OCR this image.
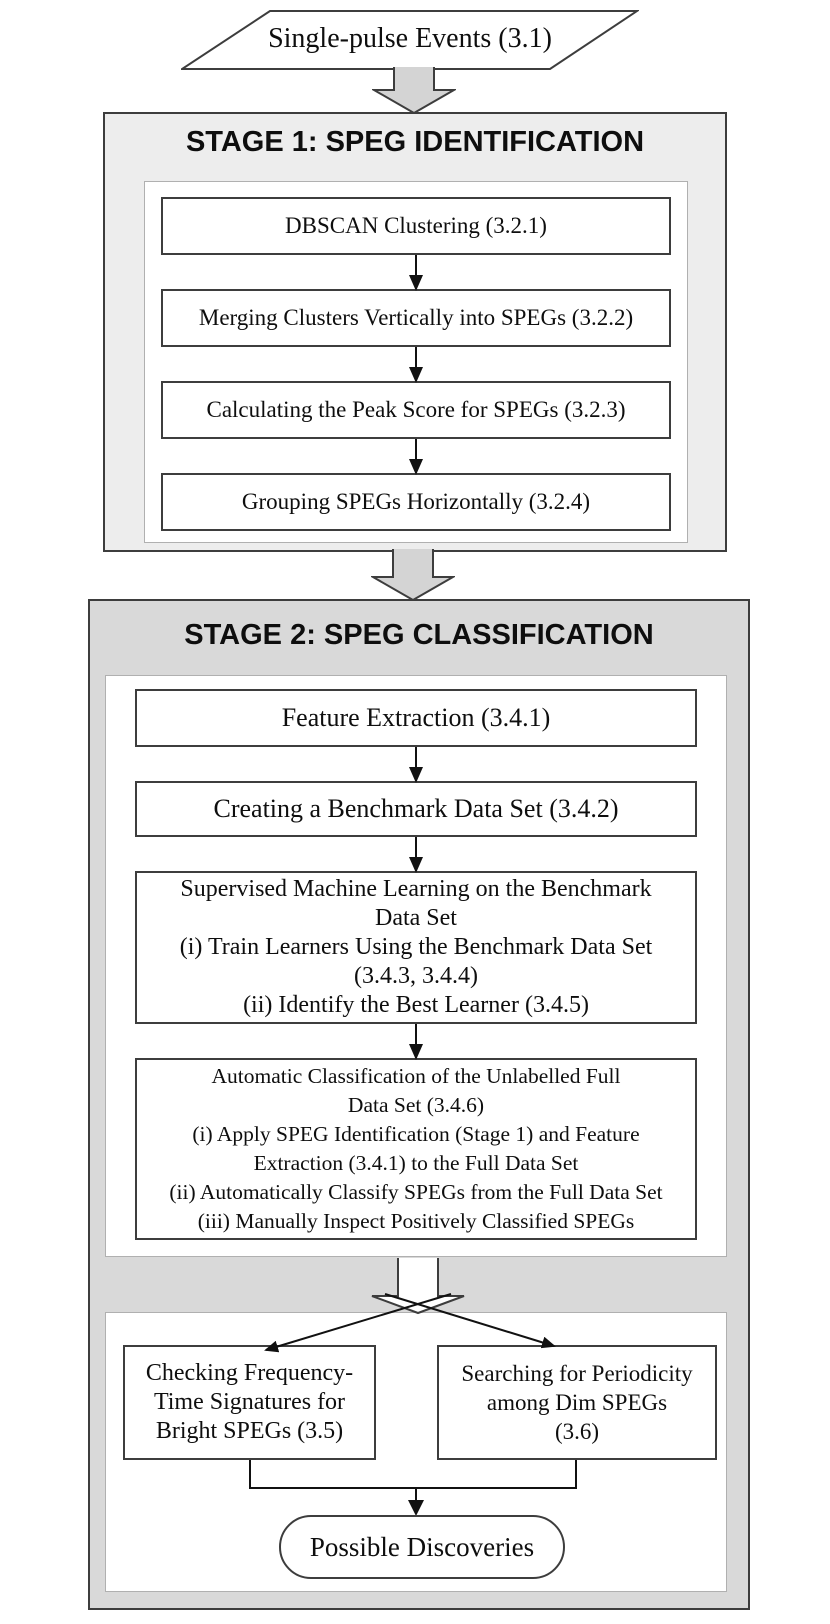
Single-pulse Events (3.1)
STAGE 1: SPEG IDENTIFICATION
DBSCAN Clustering (3.2.1)
Merging Clusters Vertically into SPEGs (3.2.2)
Calculating the Peak Score for SPEGs (3.2.3)
Grouping SPEGs Horizontally (3.2.4)
STAGE 2: SPEG CLASSIFICATION
Feature Extraction (3.4.1)
Creating a Benchmark Data Set (3.4.2)
Supervised Machine Learning on the Benchmark
Data Set
(i) Train Learners Using the Benchmark Data Set
(3.4.3, 3.4.4)
(ii) Identify the Best Learner (3.4.5)
Automatic Classification of the Unlabelled Full
Data Set (3.4.6)
(i) Apply SPEG Identification (Stage 1) and Feature
Extraction (3.4.1) to the Full Data Set
(ii) Automatically Classify SPEGs from the Full Data Set
(iii) Manually Inspect Positively Classified SPEGs
Checking Frequency-
Time Signatures for
Bright SPEGs (3.5)
Searching for Periodicity
among Dim SPEGs
(3.6)
Possible Discoveries
